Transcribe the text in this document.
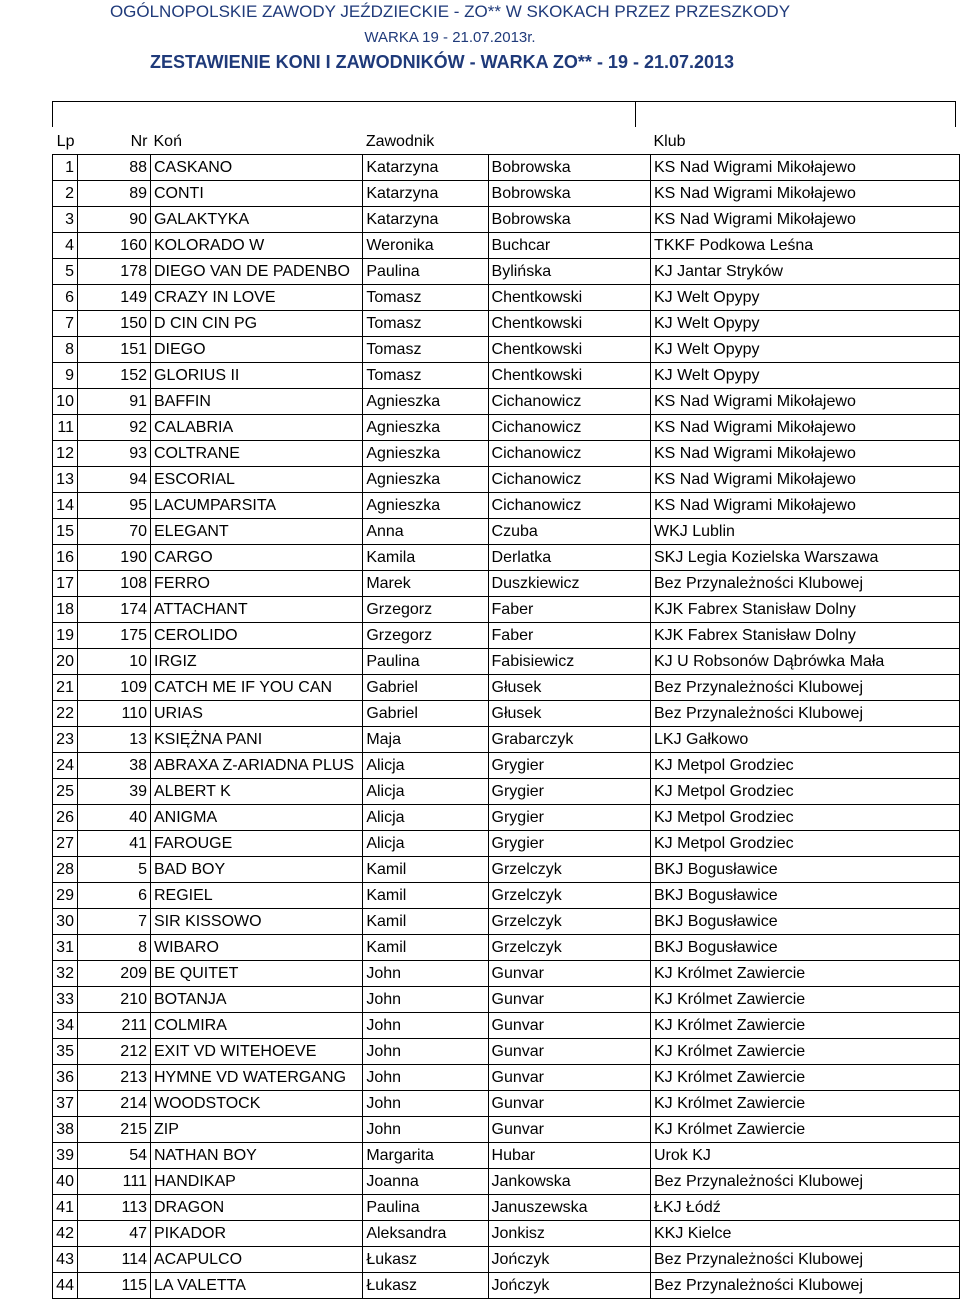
OGÓLNOPOLSKIE ZAWODY JEŹDZIECKIE - ZO** W SKOKACH PRZEZ PRZESZKODY
WARKA 19 - 21.07.2013r.
ZESTAWIENIE KONI I ZAWODNIKÓW - WARKA ZO** - 19 - 21.07.2013
Lp	Nr	Koń	Zawodnik		Klub
1	88	CASKANO	Katarzyna	Bobrowska	KS Nad Wigrami Mikołajewo
2	89	CONTI	Katarzyna	Bobrowska	KS Nad Wigrami Mikołajewo
3	90	GALAKTYKA	Katarzyna	Bobrowska	KS Nad Wigrami Mikołajewo
4	160	KOLORADO W	Weronika	Buchcar	TKKF Podkowa Leśna
5	178	DIEGO VAN DE PADENBO	Paulina	Bylińska	KJ Jantar Stryków
6	149	CRAZY IN LOVE	Tomasz	Chentkowski	KJ Welt Opypy
7	150	D CIN CIN PG	Tomasz	Chentkowski	KJ Welt Opypy
8	151	DIEGO	Tomasz	Chentkowski	KJ Welt Opypy
9	152	GLORIUS II	Tomasz	Chentkowski	KJ Welt Opypy
10	91	BAFFIN	Agnieszka	Cichanowicz	KS Nad Wigrami Mikołajewo
11	92	CALABRIA	Agnieszka	Cichanowicz	KS Nad Wigrami Mikołajewo
12	93	COLTRANE	Agnieszka	Cichanowicz	KS Nad Wigrami Mikołajewo
13	94	ESCORIAL	Agnieszka	Cichanowicz	KS Nad Wigrami Mikołajewo
14	95	LACUMPARSITA	Agnieszka	Cichanowicz	KS Nad Wigrami Mikołajewo
15	70	ELEGANT	Anna	Czuba	WKJ Lublin
16	190	CARGO	Kamila	Derlatka	SKJ Legia Kozielska Warszawa
17	108	FERRO	Marek	Duszkiewicz	Bez Przynależności Klubowej
18	174	ATTACHANT	Grzegorz	Faber	KJK Fabrex Stanisław Dolny
19	175	CEROLIDO	Grzegorz	Faber	KJK Fabrex Stanisław Dolny
20	10	IRGIZ	Paulina	Fabisiewicz	KJ U Robsonów Dąbrówka Mała
21	109	CATCH ME IF YOU CAN	Gabriel	Głusek	Bez Przynależności Klubowej
22	110	URIAS	Gabriel	Głusek	Bez Przynależności Klubowej
23	13	KSIĘŻNA PANI	Maja	Grabarczyk	LKJ Gałkowo
24	38	ABRAXA Z-ARIADNA PLUS	Alicja	Grygier	KJ Metpol Grodziec
25	39	ALBERT K	Alicja	Grygier	KJ Metpol Grodziec
26	40	ANIGMA	Alicja	Grygier	KJ Metpol Grodziec
27	41	FAROUGE	Alicja	Grygier	KJ Metpol Grodziec
28	5	BAD BOY	Kamil	Grzelczyk	BKJ Bogusławice
29	6	REGIEL	Kamil	Grzelczyk	BKJ Bogusławice
30	7	SIR KISSOWO	Kamil	Grzelczyk	BKJ Bogusławice
31	8	WIBARO	Kamil	Grzelczyk	BKJ Bogusławice
32	209	BE QUITET	John	Gunvar	KJ Królmet Zawiercie
33	210	BOTANJA	John	Gunvar	KJ Królmet Zawiercie
34	211	COLMIRA	John	Gunvar	KJ Królmet Zawiercie
35	212	EXIT VD WITEHOEVE	John	Gunvar	KJ Królmet Zawiercie
36	213	HYMNE VD WATERGANG	John	Gunvar	KJ Królmet Zawiercie
37	214	WOODSTOCK	John	Gunvar	KJ Królmet Zawiercie
38	215	ZIP	John	Gunvar	KJ Królmet Zawiercie
39	54	NATHAN BOY	Margarita	Hubar	Urok KJ
40	111	HANDIKAP	Joanna	Jankowska	Bez Przynależności Klubowej
41	113	DRAGON	Paulina	Januszewska	ŁKJ Łódź
42	47	PIKADOR	Aleksandra	Jonkisz	KKJ Kielce
43	114	ACAPULCO	Łukasz	Jończyk	Bez Przynależności Klubowej
44	115	LA VALETTA	Łukasz	Jończyk	Bez Przynależności Klubowej
